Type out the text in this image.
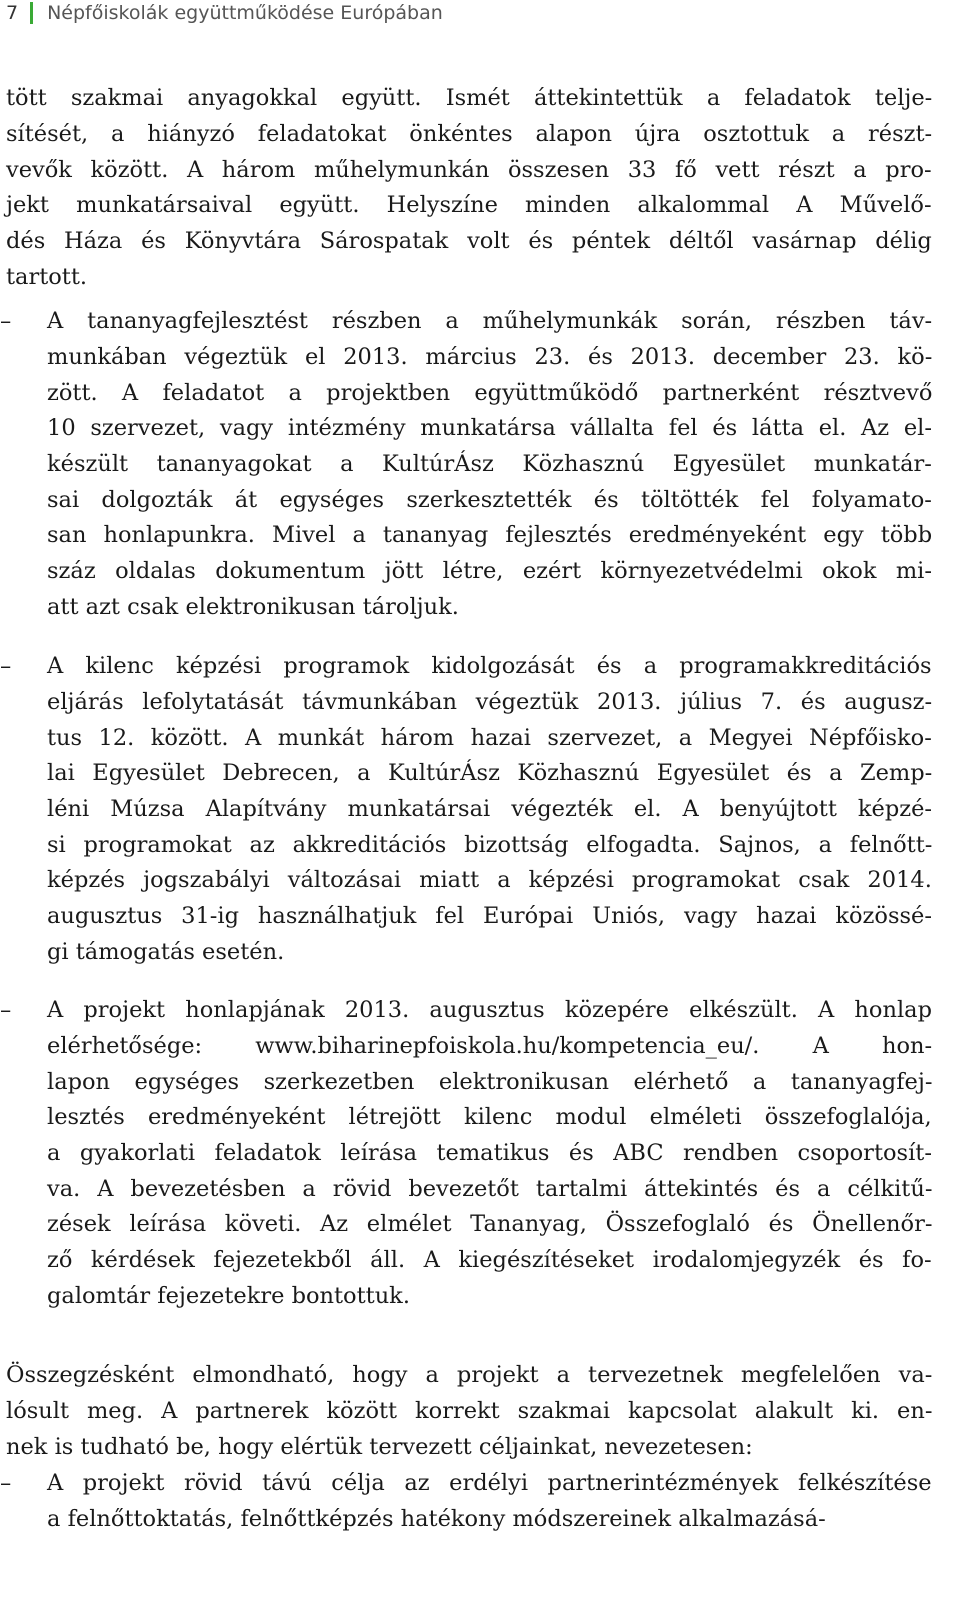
7 Népfőiskolák együttműködése Európában
tött szakmai anyagokkal együtt. Ismét áttekintettük a feladatok telje-
sítését, a hiányzó feladatokat önkéntes alapon újra osztottuk a részt-
vevők között. A három műhelymunkán összesen 33 fő vett részt a pro-
jekt munkatársaival együtt. Helyszíne minden alkalommal A Művelő-
dés Háza és Könyvtára Sárospatak volt és péntek déltől vasárnap délig
tartott.
– A tananyagfejlesztést részben a műhelymunkák során, részben táv-
munkában végeztük el 2013. március 23. és 2013. december 23. kö-
zött. A feladatot a projektben együttműködő partnerként résztvevő
10 szervezet, vagy intézmény munkatársa vállalta fel és látta el. Az el-
készült tananyagokat a KultúrÁsz Közhasznú Egyesület munkatár-
sai dolgozták át egységes szerkesztették és töltötték fel folyamato-
san honlapunkra. Mivel a tananyag fejlesztés eredményeként egy több
száz oldalas dokumentum jött létre, ezért környezetvédelmi okok mi-
att azt csak elektronikusan tároljuk.
– A kilenc képzési programok kidolgozását és a programakkreditációs
eljárás lefolytatását távmunkában végeztük 2013. július 7. és augusz-
tus 12. között. A munkát három hazai szervezet, a Megyei Népfőisko-
lai Egyesület Debrecen, a KultúrÁsz Közhasznú Egyesület és a Zemp-
léni Múzsa Alapítvány munkatársai végezték el. A benyújtott képzé-
si programokat az akkreditációs bizottság elfogadta. Sajnos, a felnőtt-
képzés jogszabályi változásai miatt a képzési programokat csak 2014.
augusztus 31-ig használhatjuk fel Európai Uniós, vagy hazai közössé-
gi támogatás esetén.
– A projekt honlapjának 2013. augusztus közepére elkészült. A honlap
elérhetősége: www.biharinepfoiskola.hu/kompetencia_eu/. A hon-
lapon egységes szerkezetben elektronikusan elérhető a tananyagfej-
lesztés eredményeként létrejött kilenc modul elméleti összefoglalója,
a gyakorlati feladatok leírása tematikus és ABC rendben csoportosít-
va. A bevezetésben a rövid bevezetőt tartalmi áttekintés és a célkitű-
zések leírása követi. Az elmélet Tananyag, Összefoglaló és Önellenőr-
ző kérdések fejezetekből áll. A kiegészítéseket irodalomjegyzék és fo-
galomtár fejezetekre bontottuk.
Összegzésként elmondható, hogy a projekt a tervezetnek megfelelően va-
lósult meg. A partnerek között korrekt szakmai kapcsolat alakult ki. en-
nek is tudható be, hogy elértük tervezett céljainkat, nevezetesen:
– A projekt rövid távú célja az erdélyi partnerintézmények felkészítése
a felnőttoktatás, felnőttképzés hatékony módszereinek alkalmazásá-
